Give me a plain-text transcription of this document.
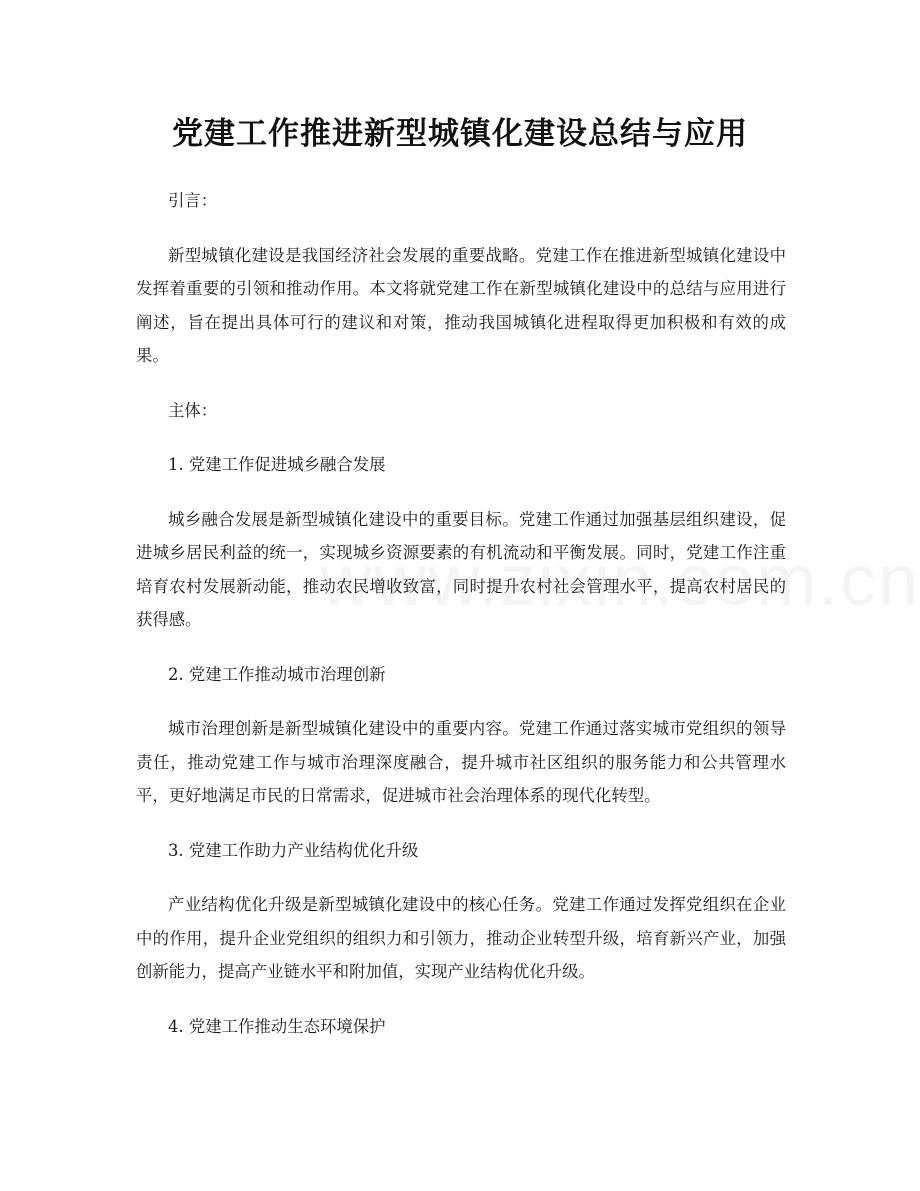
党建工作推进新型城镇化建设总结与应用

引言：

新型城镇化建设是我国经济社会发展的重要战略。党建工作在推进新型城镇化建设中发挥着重要的引领和推动作用。本文将就党建工作在新型城镇化建设中的总结与应用进行阐述，旨在提出具体可行的建议和对策，推动我国城镇化进程取得更加积极和有效的成果。

主体：

1. 党建工作促进城乡融合发展

城乡融合发展是新型城镇化建设中的重要目标。党建工作通过加强基层组织建设，促进城乡居民利益的统一，实现城乡资源要素的有机流动和平衡发展。同时，党建工作注重培育农村发展新动能，推动农民增收致富，同时提升农村社会管理水平，提高农村居民的获得感。

2. 党建工作推动城市治理创新

城市治理创新是新型城镇化建设中的重要内容。党建工作通过落实城市党组织的领导责任，推动党建工作与城市治理深度融合，提升城市社区组织的服务能力和公共管理水平，更好地满足市民的日常需求，促进城市社会治理体系的现代化转型。

3. 党建工作助力产业结构优化升级

产业结构优化升级是新型城镇化建设中的核心任务。党建工作通过发挥党组织在企业中的作用，提升企业党组织的组织力和引领力，推动企业转型升级，培育新兴产业，加强创新能力，提高产业链水平和附加值，实现产业结构优化升级。

4. 党建工作推动生态环境保护
